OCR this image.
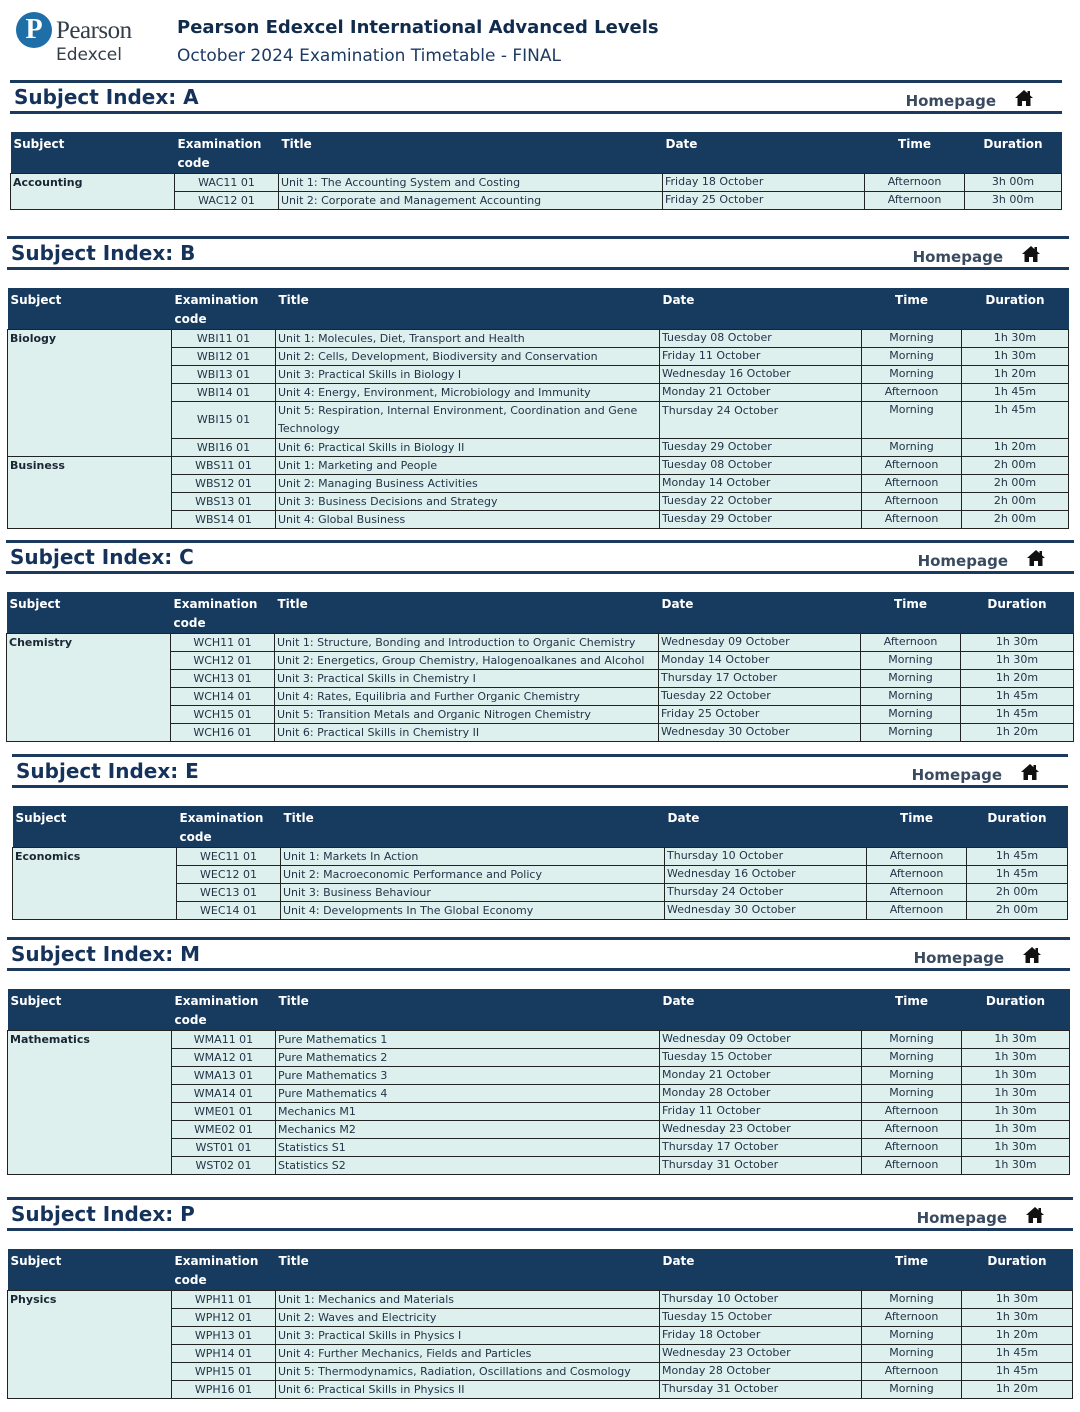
P Pearson
Edexcel
Pearson Edexcel International Advanced Levels
October 2024 Examination Timetable - FINAL
Subject Index: A	Homepage
Subject	Examination code	Title	Date	Time	Duration
Accounting	WAC11 01	Unit 1: The Accounting System and Costing	Friday 18 October	Afternoon	3h 00m
	WAC12 01	Unit 2: Corporate and Management Accounting	Friday 25 October	Afternoon	3h 00m
Subject Index: B	Homepage
Subject	Examination code	Title	Date	Time	Duration
Biology	WBI11 01	Unit 1: Molecules, Diet, Transport and Health	Tuesday 08 October	Morning	1h 30m
	WBI12 01	Unit 2: Cells, Development, Biodiversity and Conservation	Friday 11 October	Morning	1h 30m
	WBI13 01	Unit 3: Practical Skills in Biology I	Wednesday 16 October	Morning	1h 20m
	WBI14 01	Unit 4: Energy, Environment, Microbiology and Immunity	Monday 21 October	Afternoon	1h 45m
	WBI15 01	Unit 5: Respiration, Internal Environment, Coordination and Gene Technology	Thursday 24 October	Morning	1h 45m
	WBI16 01	Unit 6: Practical Skills in Biology II	Tuesday 29 October	Morning	1h 20m
Business	WBS11 01	Unit 1: Marketing and People	Tuesday 08 October	Afternoon	2h 00m
	WBS12 01	Unit 2: Managing Business Activities	Monday 14 October	Afternoon	2h 00m
	WBS13 01	Unit 3: Business Decisions and Strategy	Tuesday 22 October	Afternoon	2h 00m
	WBS14 01	Unit 4: Global Business	Tuesday 29 October	Afternoon	2h 00m
Subject Index: C	Homepage
Subject	Examination code	Title	Date	Time	Duration
Chemistry	WCH11 01	Unit 1: Structure, Bonding and Introduction to Organic Chemistry	Wednesday 09 October	Afternoon	1h 30m
	WCH12 01	Unit 2: Energetics, Group Chemistry, Halogenoalkanes and Alcohol	Monday 14 October	Morning	1h 30m
	WCH13 01	Unit 3: Practical Skills in Chemistry I	Thursday 17 October	Morning	1h 20m
	WCH14 01	Unit 4: Rates, Equilibria and Further Organic Chemistry	Tuesday 22 October	Morning	1h 45m
	WCH15 01	Unit 5: Transition Metals and Organic Nitrogen Chemistry	Friday 25 October	Morning	1h 45m
	WCH16 01	Unit 6: Practical Skills in Chemistry II	Wednesday 30 October	Morning	1h 20m
Subject Index: E	Homepage
Subject	Examination code	Title	Date	Time	Duration
Economics	WEC11 01	Unit 1: Markets In Action	Thursday 10 October	Afternoon	1h 45m
	WEC12 01	Unit 2: Macroeconomic Performance and Policy	Wednesday 16 October	Afternoon	1h 45m
	WEC13 01	Unit 3: Business Behaviour	Thursday 24 October	Afternoon	2h 00m
	WEC14 01	Unit 4: Developments In The Global Economy	Wednesday 30 October	Afternoon	2h 00m
Subject Index: M	Homepage
Subject	Examination code	Title	Date	Time	Duration
Mathematics	WMA11 01	Pure Mathematics 1	Wednesday 09 October	Morning	1h 30m
	WMA12 01	Pure Mathematics 2	Tuesday 15 October	Morning	1h 30m
	WMA13 01	Pure Mathematics 3	Monday 21 October	Morning	1h 30m
	WMA14 01	Pure Mathematics 4	Monday 28 October	Morning	1h 30m
	WME01 01	Mechanics M1	Friday 11 October	Afternoon	1h 30m
	WME02 01	Mechanics M2	Wednesday 23 October	Afternoon	1h 30m
	WST01 01	Statistics S1	Thursday 17 October	Afternoon	1h 30m
	WST02 01	Statistics S2	Thursday 31 October	Afternoon	1h 30m
Subject Index: P	Homepage
Subject	Examination code	Title	Date	Time	Duration
Physics	WPH11 01	Unit 1: Mechanics and Materials	Thursday 10 October	Morning	1h 30m
	WPH12 01	Unit 2: Waves and Electricity	Tuesday 15 October	Afternoon	1h 30m
	WPH13 01	Unit 3: Practical Skills in Physics I	Friday 18 October	Morning	1h 20m
	WPH14 01	Unit 4: Further Mechanics, Fields and Particles	Wednesday 23 October	Morning	1h 45m
	WPH15 01	Unit 5: Thermodynamics, Radiation, Oscillations and Cosmology	Monday 28 October	Afternoon	1h 45m
	WPH16 01	Unit 6: Practical Skills in Physics II	Thursday 31 October	Morning	1h 20m
